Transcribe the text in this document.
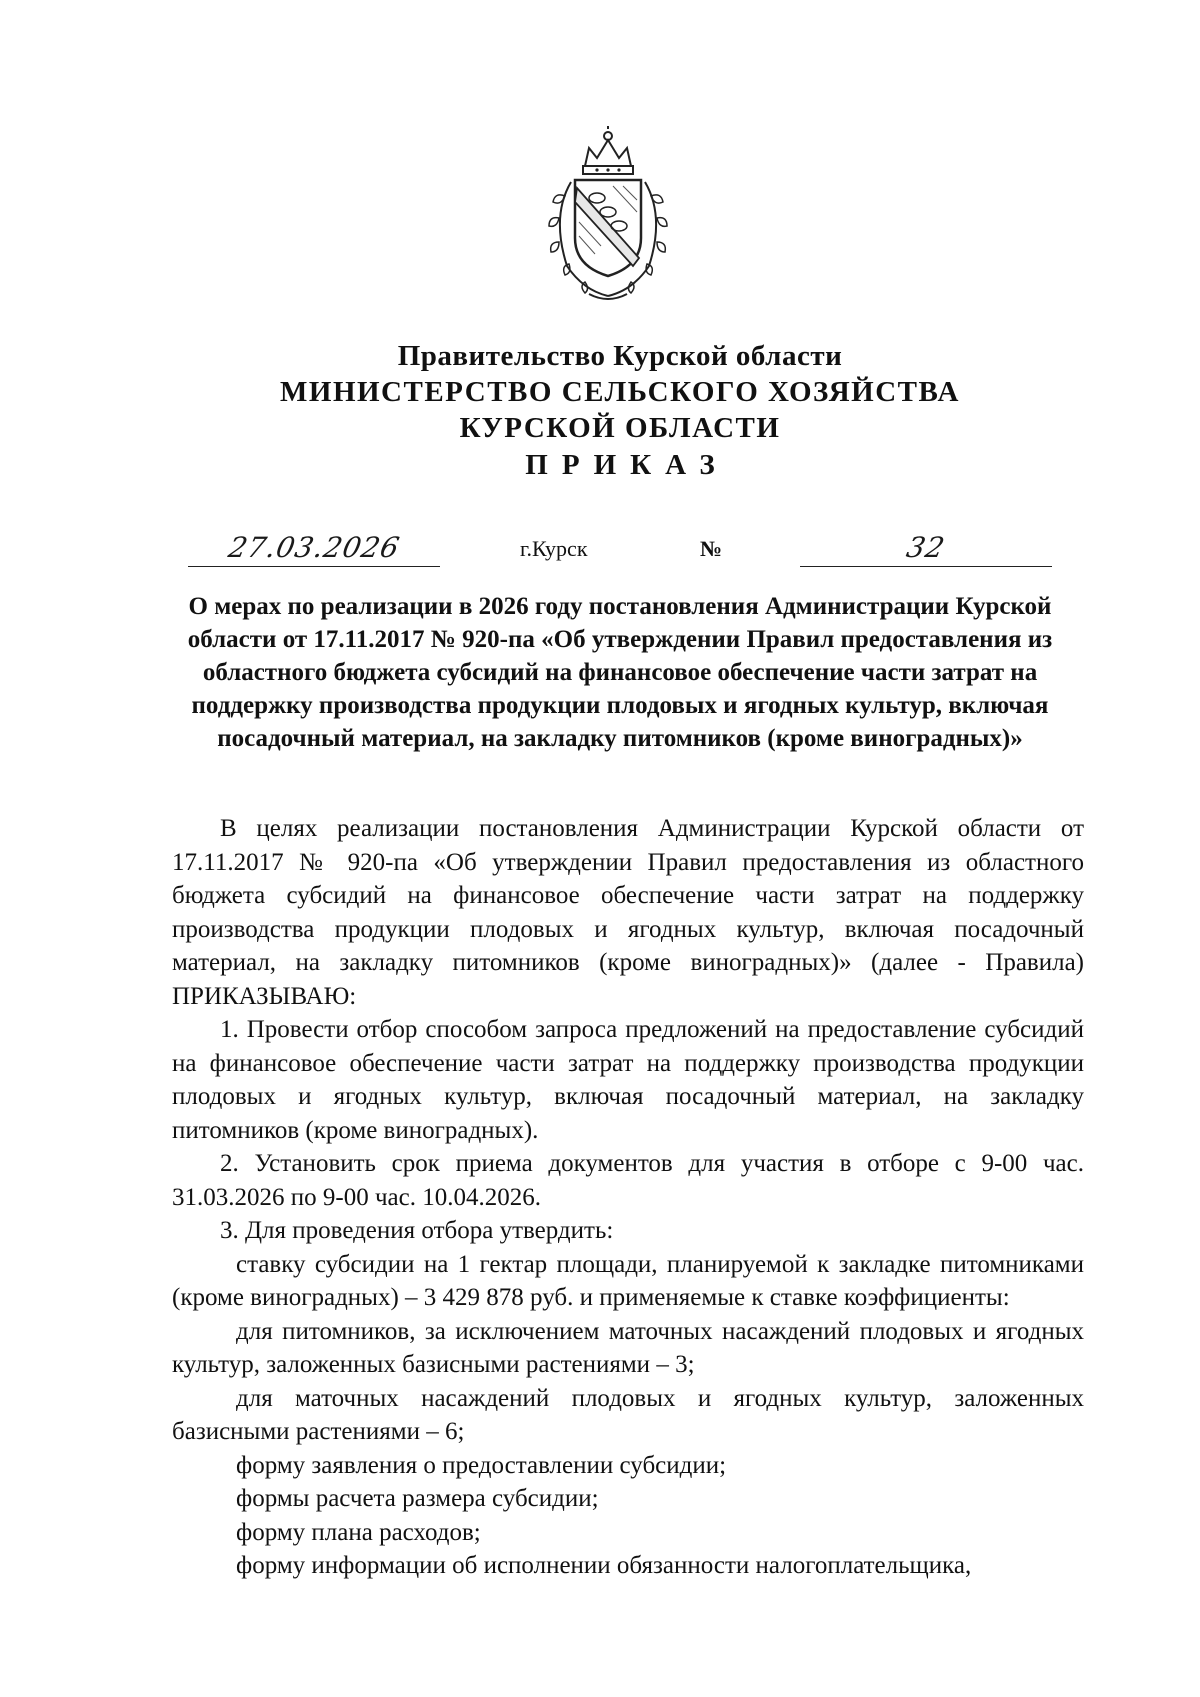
Правительство Курской области
МИНИСТЕРСТВО СЕЛЬСКОГО ХОЗЯЙСТВА
КУРСКОЙ ОБЛАСТИ
ПРИКАЗ
27.03.2026	г.Курск	№	32
О мерах по реализации в 2026 году постановления Администрации Курской области от 17.11.2017 № 920-па «Об утверждении Правил предоставления из областного бюджета субсидий на финансовое обеспечение части затрат на поддержку производства продукции плодовых и ягодных культур, включая посадочный материал, на закладку питомников (кроме виноградных)»

В целях реализации постановления Администрации Курской области от 17.11.2017 № 920-па «Об утверждении Правил предоставления из областного бюджета субсидий на финансовое обеспечение части затрат на поддержку производства продукции плодовых и ягодных культур, включая посадочный материал, на закладку питомников (кроме виноградных)» (далее - Правила) ПРИКАЗЫВАЮ:

1. Провести отбор способом запроса предложений на предоставление субсидий на финансовое обеспечение части затрат на поддержку производства продукции плодовых и ягодных культур, включая посадочный материал, на закладку питомников (кроме виноградных).

2. Установить срок приема документов для участия в отборе с 9-00 час. 31.03.2026 по 9-00 час. 10.04.2026.

3. Для проведения отбора утвердить:

ставку субсидии на 1 гектар площади, планируемой к закладке питомниками (кроме виноградных) – 3 429 878 руб. и применяемые к ставке коэффициенты:

для питомников, за исключением маточных насаждений плодовых и ягодных культур, заложенных базисными растениями – 3;

для маточных насаждений плодовых и ягодных культур, заложенных базисными растениями – 6;

форму заявления о предоставлении субсидии;

формы расчета размера субсидии;

форму плана расходов;

форму информации об исполнении обязанности налогоплательщика,
